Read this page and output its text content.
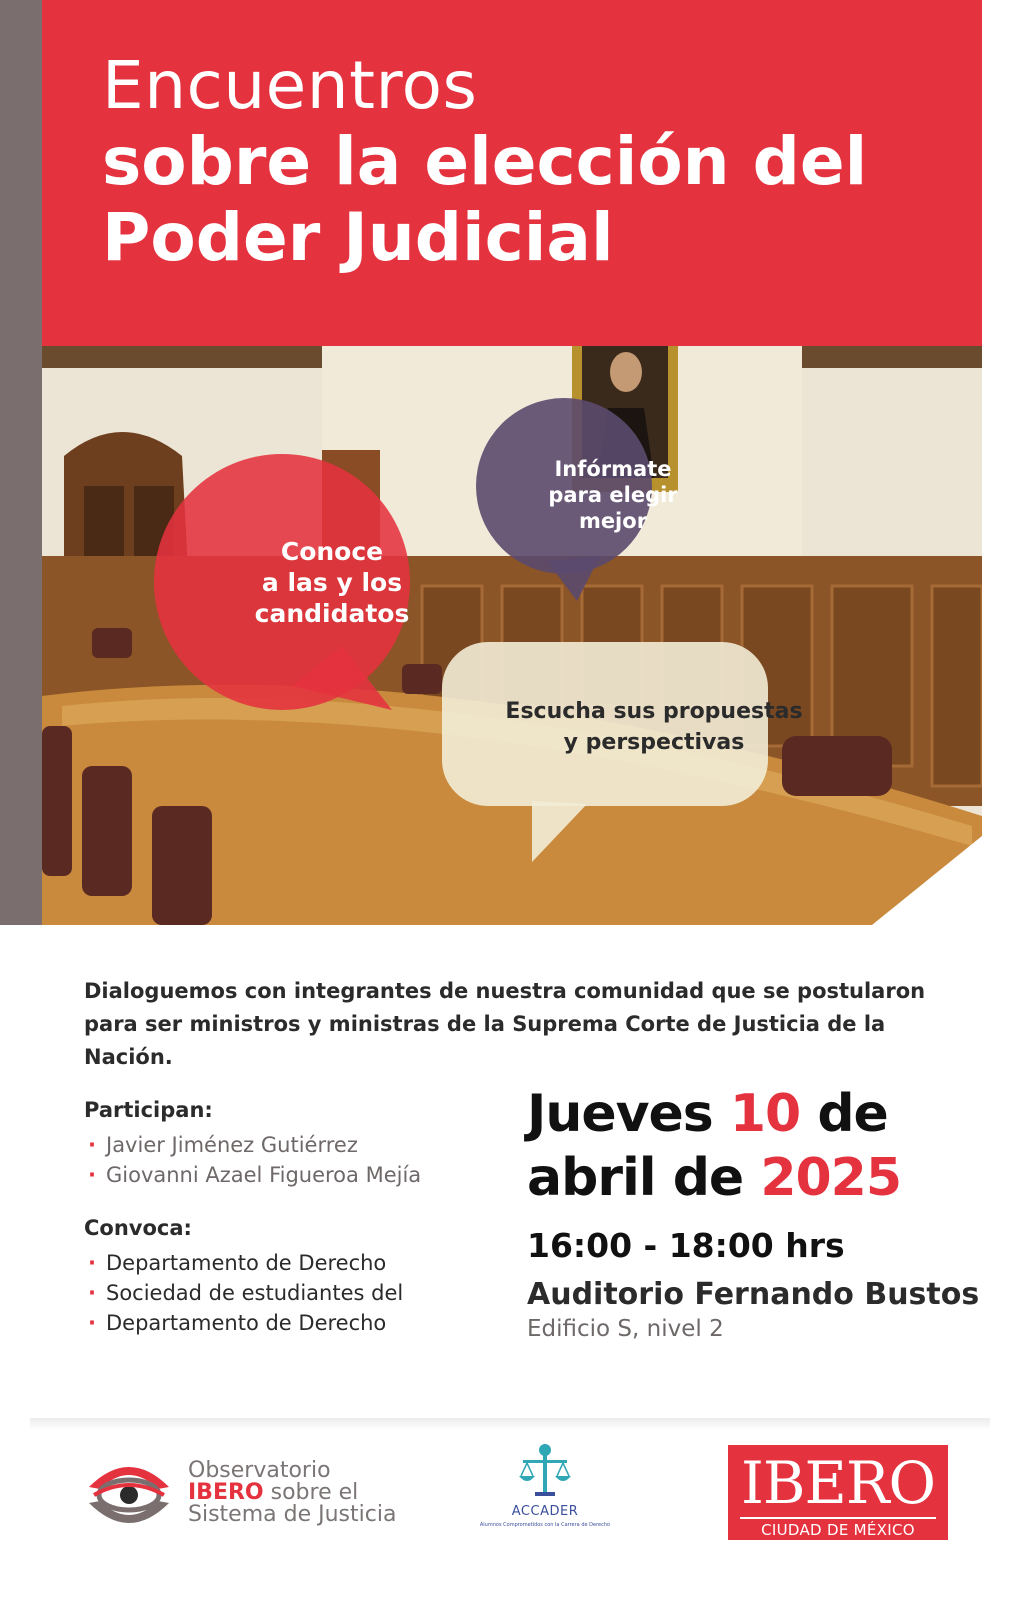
Encuentros
sobre la elección del
Poder Judicial
Conoce
a las y los
candidatos
Infórmate
para elegir
mejor
Escucha sus propuestas
y perspectivas
Dialoguemos con integrantes de nuestra comunidad que se postularon
para ser ministros y ministras de la Suprema Corte de Justicia de la Nación.
Participan:
· Javier Jiménez Gutiérrez
· Giovanni Azael Figueroa Mejía
Convoca:
· Departamento de Derecho
· Sociedad de estudiantes del
· Departamento de Derecho
Jueves 10 de
abril de 2025
16:00 - 18:00 hrs
Auditorio Fernando Bustos
Edificio S, nivel 2
Observatorio
IBERO sobre el
Sistema de Justicia	ACCADER
Alumnos Comprometidos con la Carrera de Derecho
IBERO
CIUDAD DE MÉXICO
